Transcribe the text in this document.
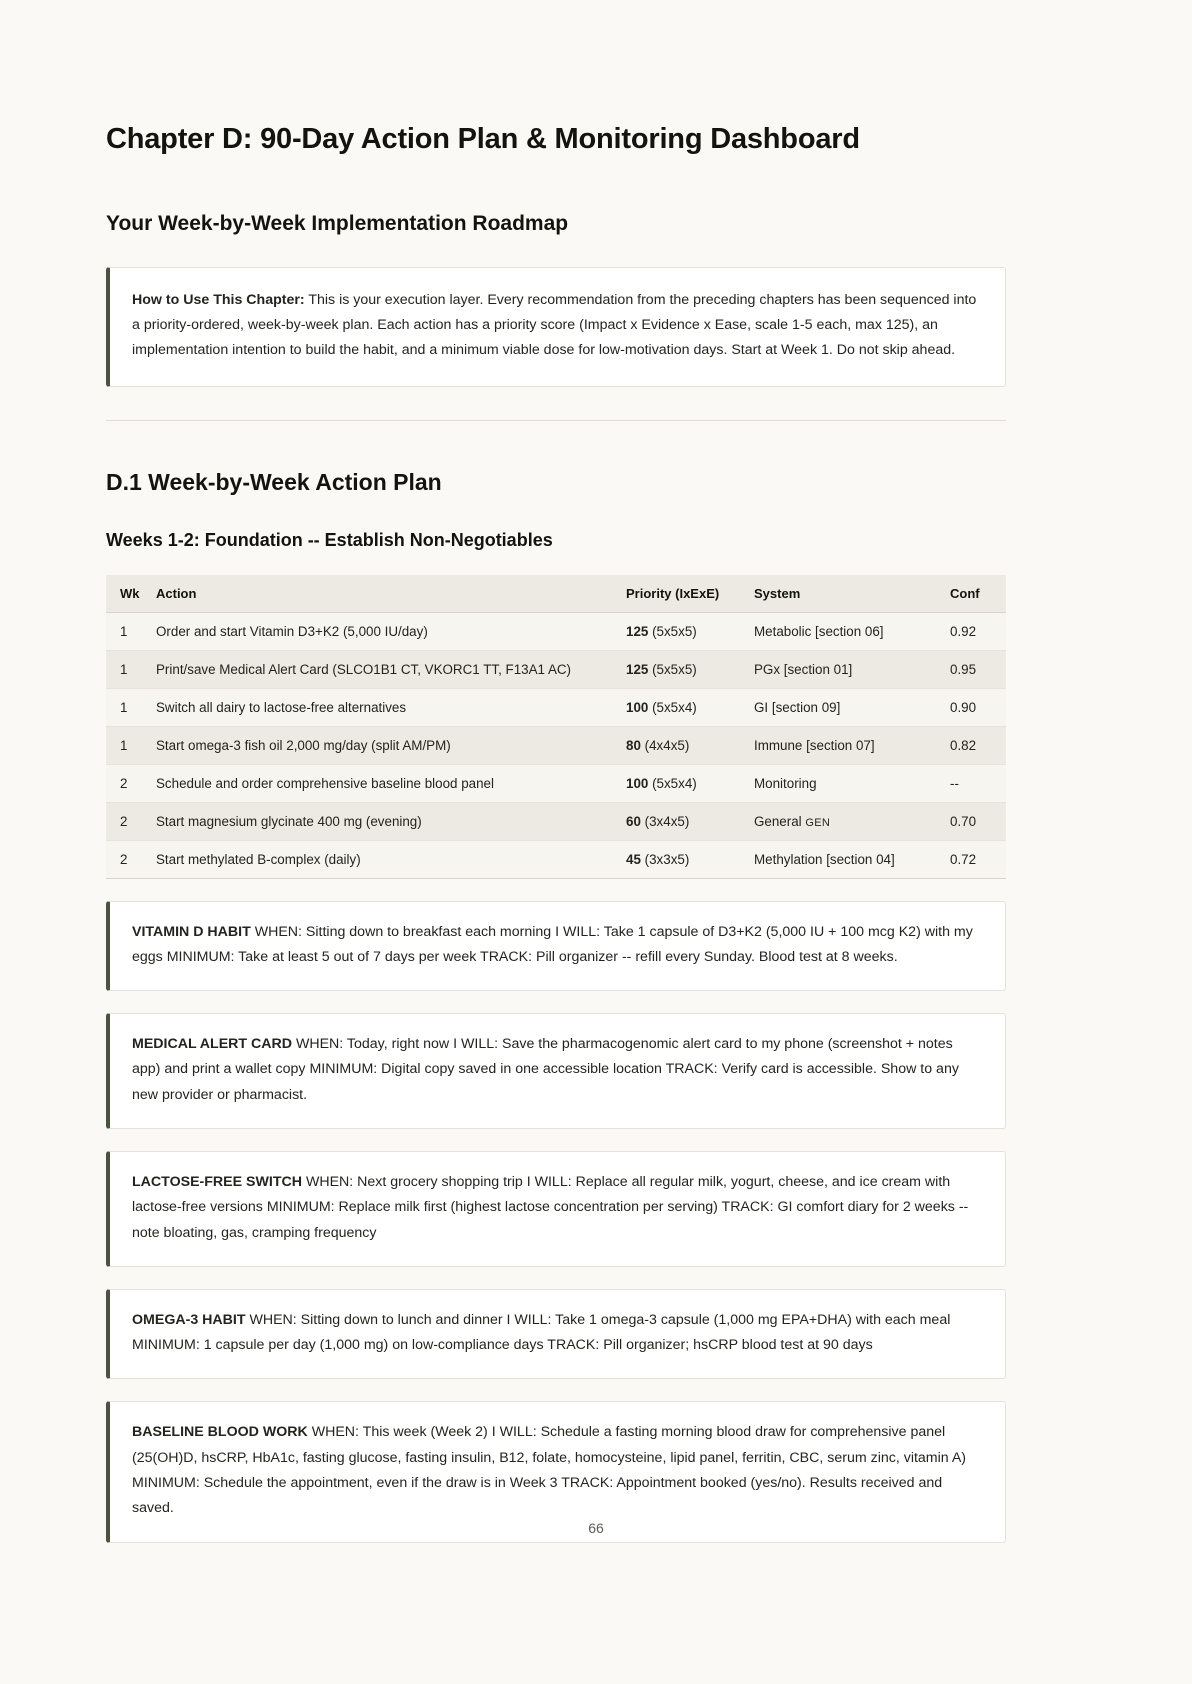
Chapter D: 90-Day Action Plan & Monitoring Dashboard
Your Week-by-Week Implementation Roadmap

How to Use This Chapter: This is your execution layer. Every recommendation from the preceding chapters has been sequenced into a priority-ordered, week-by-week plan. Each action has a priority score (Impact x Evidence x Ease, scale 1-5 each, max 125), an implementation intention to build the habit, and a minimum viable dose for low-motivation days. Start at Week 1. Do not skip ahead.

D.1 Week-by-Week Action Plan
Weeks 1-2: Foundation -- Establish Non-Negotiables
Wk	Action	Priority (IxExE)	System	Conf
1	Order and start Vitamin D3+K2 (5,000 IU/day)	125 (5x5x5)	Metabolic [section 06]	0.92
1	Print/save Medical Alert Card (SLCO1B1 CT, VKORC1 TT, F13A1 AC)	125 (5x5x5)	PGx [section 01]	0.95
1	Switch all dairy to lactose-free alternatives	100 (5x5x4)	GI [section 09]	0.90
1	Start omega-3 fish oil 2,000 mg/day (split AM/PM)	80 (4x4x5)	Immune [section 07]	0.82
2	Schedule and order comprehensive baseline blood panel	100 (5x5x4)	Monitoring	--
2	Start magnesium glycinate 400 mg (evening)	60 (3x4x5)	General GEN	0.70
2	Start methylated B-complex (daily)	45 (3x3x5)	Methylation [section 04]	0.72

VITAMIN D HABIT WHEN: Sitting down to breakfast each morning I WILL: Take 1 capsule of D3+K2 (5,000 IU + 100 mcg K2) with my eggs MINIMUM: Take at least 5 out of 7 days per week TRACK: Pill organizer -- refill every Sunday. Blood test at 8 weeks.

MEDICAL ALERT CARD WHEN: Today, right now I WILL: Save the pharmacogenomic alert card to my phone (screenshot + notes app) and print a wallet copy MINIMUM: Digital copy saved in one accessible location TRACK: Verify card is accessible. Show to any new provider or pharmacist.

LACTOSE-FREE SWITCH WHEN: Next grocery shopping trip I WILL: Replace all regular milk, yogurt, cheese, and ice cream with lactose-free versions MINIMUM: Replace milk first (highest lactose concentration per serving) TRACK: GI comfort diary for 2 weeks -- note bloating, gas, cramping frequency

OMEGA-3 HABIT WHEN: Sitting down to lunch and dinner I WILL: Take 1 omega-3 capsule (1,000 mg EPA+DHA) with each meal MINIMUM: 1 capsule per day (1,000 mg) on low-compliance days TRACK: Pill organizer; hsCRP blood test at 90 days

BASELINE BLOOD WORK WHEN: This week (Week 2) I WILL: Schedule a fasting morning blood draw for comprehensive panel (25(OH)D, hsCRP, HbA1c, fasting glucose, fasting insulin, B12, folate, homocysteine, lipid panel, ferritin, CBC, serum zinc, vitamin A) MINIMUM: Schedule the appointment, even if the draw is in Week 3 TRACK: Appointment booked (yes/no). Results received and saved.

66
